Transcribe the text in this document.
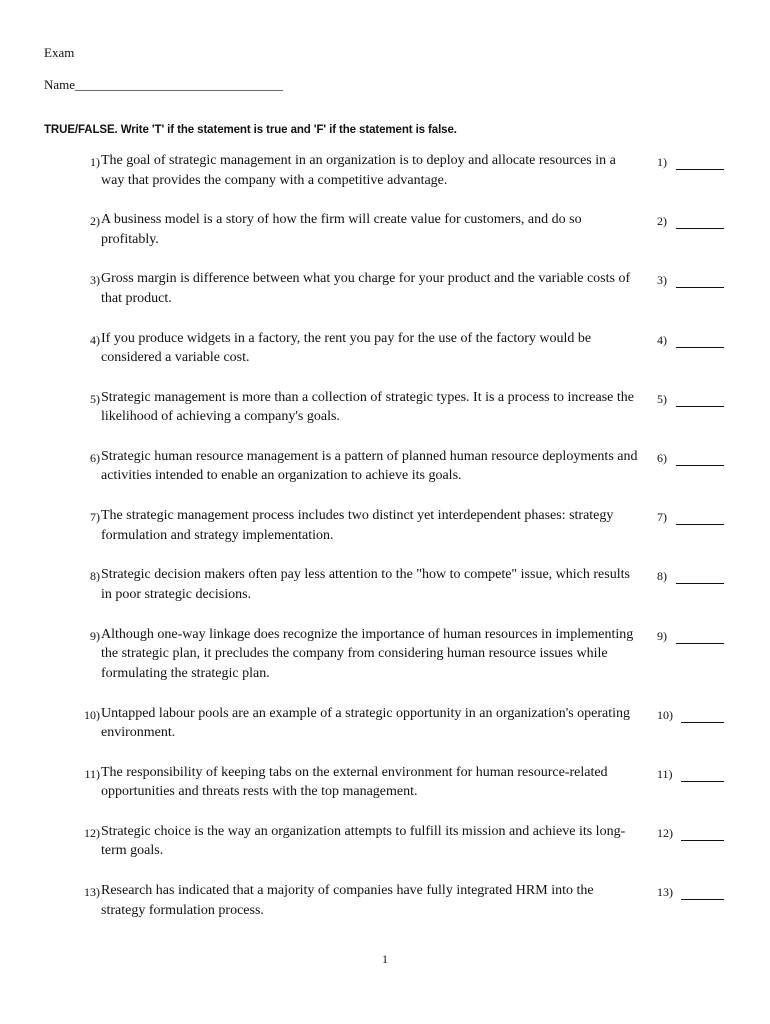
Exam
Name________________________________
TRUE/FALSE. Write 'T' if the statement is true and 'F' if the statement is false.
1) The goal of strategic management in an organization is to deploy and allocate resources in a way that provides the company with a competitive advantage.
1)
2) A business model is a story of how the firm will create value for customers, and do so profitably.
2)
3) Gross margin is difference between what you charge for your product and the variable costs of that product.
3)
4) If you produce widgets in a factory, the rent you pay for the use of the factory would be considered a variable cost.
4)
5) Strategic management is more than a collection of strategic types. It is a process to increase the likelihood of achieving a company's goals.
5)
6) Strategic human resource management is a pattern of planned human resource deployments and activities intended to enable an organization to achieve its goals.
6)
7) The strategic management process includes two distinct yet interdependent phases: strategy formulation and strategy implementation.
7)
8) Strategic decision makers often pay less attention to the "how to compete" issue, which results in poor strategic decisions.
8)
9) Although one-way linkage does recognize the importance of human resources in implementing the strategic plan, it precludes the company from considering human resource issues while formulating the strategic plan.
9)
10) Untapped labour pools are an example of a strategic opportunity in an organization's operating environment.
10)
11) The responsibility of keeping tabs on the external environment for human resource-related opportunities and threats rests with the top management.
11)
12) Strategic choice is the way an organization attempts to fulfill its mission and achieve its long-term goals.
12)
13) Research has indicated that a majority of companies have fully integrated HRM into the strategy formulation process.
13)
1
